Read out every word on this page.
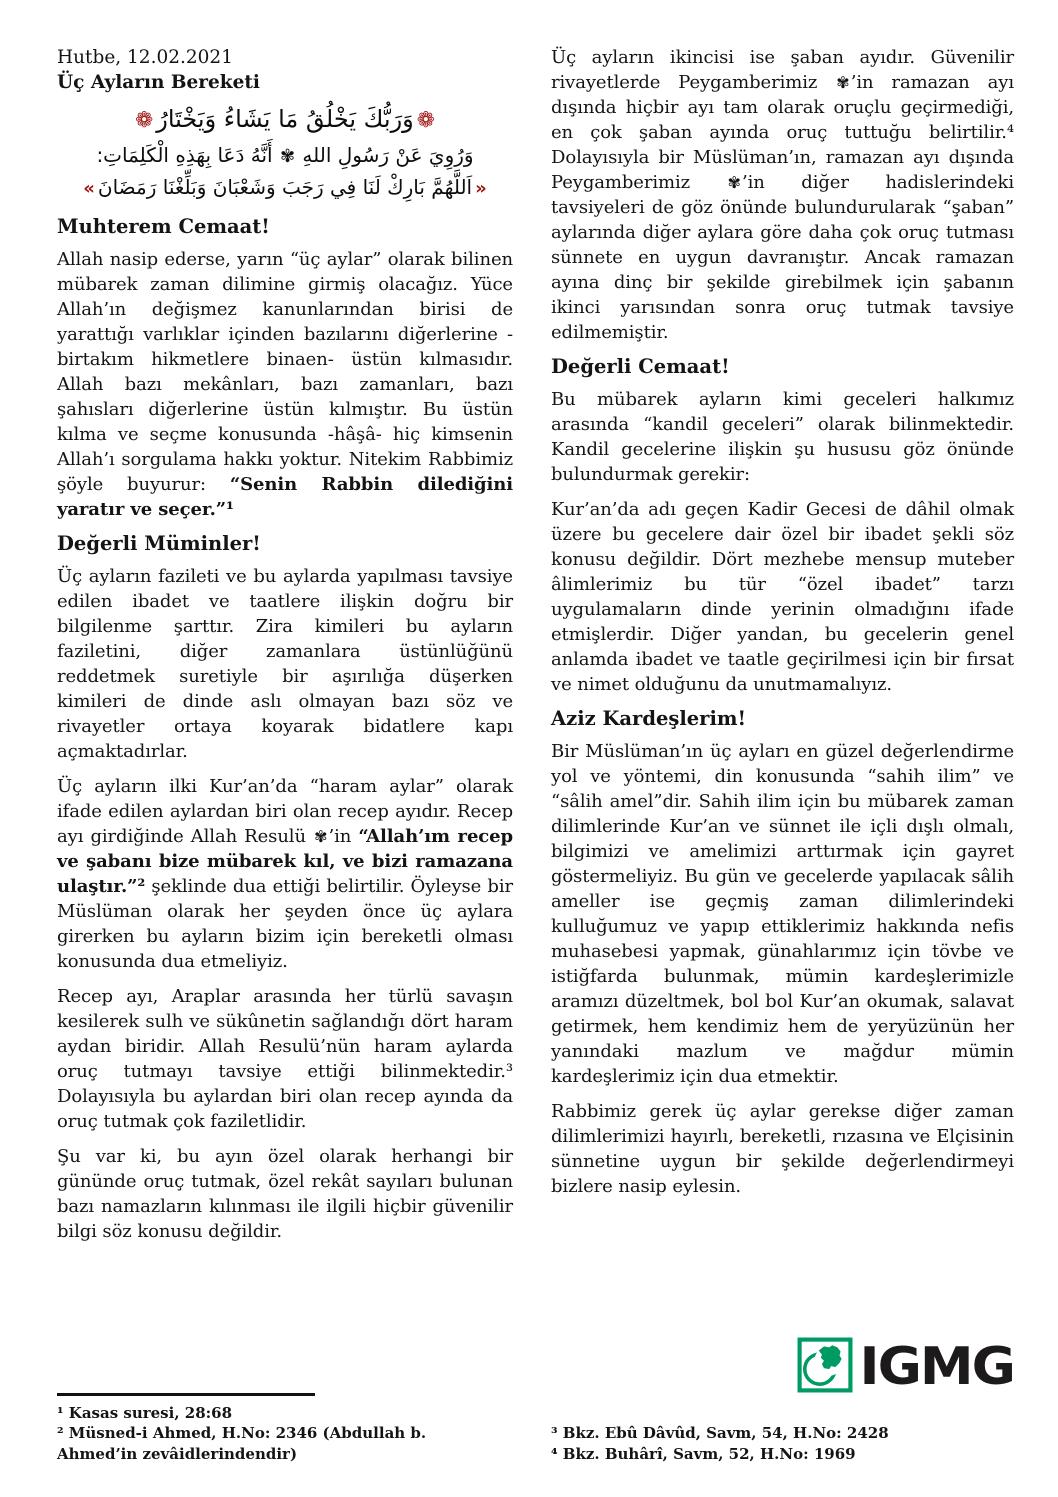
Hutbe, 12.02.2021
Üç Ayların Bereketi
❁وَرَبُّكَ يَخْلُقُ مَا يَشَاءُ وَيَخْتَارُ❁
وَرُوِيَ عَنْ رَسُولِ اللهِ ✾ أَنَّهُ دَعَا بِهَذِهِ الْكَلِمَاتِ:
«اَللَّهُمَّ بَارِكْ لَنَا فِي رَجَبَ وَشَعْبَانَ وَبَلِّغْنَا رَمَضَانَ»
Muhterem Cemaat!

Allah nasip ederse, yarın “üç aylar” olarak bilinen mübarek zaman dilimine girmiş olacağız. Yüce Allah’ın değişmez kanunlarından birisi de yarattığı varlıklar içinden bazılarını diğerlerine -birtakım hikmetlere binaen- üstün kılmasıdır. Allah bazı mekânları, bazı zamanları, bazı şahısları diğerlerine üstün kılmıştır. Bu üstün kılma ve seçme konusunda -hâşâ- hiç kimsenin Allah’ı sorgulama hakkı yoktur. Nitekim Rabbimiz şöyle buyurur: “Senin Rabbin dilediğini yaratır ve seçer.”¹

Değerli Müminler!

Üç ayların fazileti ve bu aylarda yapılması tavsiye edilen ibadet ve taatlere ilişkin doğru bir bilgilenme şarttır. Zira kimileri bu ayların faziletini, diğer zamanlara üstünlüğünü reddetmek suretiyle bir aşırılığa düşerken kimileri de dinde aslı olmayan bazı söz ve rivayetler ortaya koyarak bidatlere kapı açmaktadırlar.

Üç ayların ilki Kur’an’da “haram aylar” olarak ifade edilen aylardan biri olan recep ayıdır. Recep ayı girdiğinde Allah Resulü ✾’in “Allah’ım recep ve şabanı bize mübarek kıl, ve bizi ramazana ulaştır.”² şeklinde dua ettiği belirtilir. Öyleyse bir Müslüman olarak her şeyden önce üç aylara girerken bu ayların bizim için bereketli olması konusunda dua etmeliyiz.

Recep ayı, Araplar arasında her türlü savaşın kesilerek sulh ve sükûnetin sağlandığı dört haram aydan biridir. Allah Resulü’nün haram aylarda oruç tutmayı tavsiye ettiği bilinmektedir.³ Dolayısıyla bu aylardan biri olan recep ayında da oruç tutmak çok faziletlidir.

Şu var ki, bu ayın özel olarak herhangi bir gününde oruç tutmak, özel rekât sayıları bulunan bazı namazların kılınması ile ilgili hiçbir güvenilir bilgi söz konusu değildir.

¹ Kasas suresi, 28:68
² Müsned-i Ahmed, H.No: 2346 (Abdullah b. Ahmed’in zevâidlerindendir)

Üç ayların ikincisi ise şaban ayıdır. Güvenilir rivayetlerde Peygamberimiz ✾’in ramazan ayı dışında hiçbir ayı tam olarak oruçlu geçirmediği, en çok şaban ayında oruç tuttuğu belirtilir.⁴ Dolayısıyla bir Müslüman’ın, ramazan ayı dışında Peygamberimiz ✾’in diğer hadislerindeki tavsiyeleri de göz önünde bulundurularak “şaban” aylarında diğer aylara göre daha çok oruç tutması sünnete en uygun davranıştır. Ancak ramazan ayına dinç bir şekilde girebilmek için şabanın ikinci yarısından sonra oruç tutmak tavsiye edilmemiştir.

Değerli Cemaat!

Bu mübarek ayların kimi geceleri halkımız arasında “kandil geceleri” olarak bilinmektedir. Kandil gecelerine ilişkin şu hususu göz önünde bulundurmak gerekir:

Kur’an’da adı geçen Kadir Gecesi de dâhil olmak üzere bu gecelere dair özel bir ibadet şekli söz konusu değildir. Dört mezhebe mensup muteber âlimlerimiz bu tür “özel ibadet” tarzı uygulamaların dinde yerinin olmadığını ifade etmişlerdir. Diğer yandan, bu gecelerin genel anlamda ibadet ve taatle geçirilmesi için bir fırsat ve nimet olduğunu da unutmamalıyız.

Aziz Kardeşlerim!

Bir Müslüman’ın üç ayları en güzel değerlendirme yol ve yöntemi, din konusunda “sahih ilim” ve “sâlih amel”dir. Sahih ilim için bu mübarek zaman dilimlerinde Kur’an ve sünnet ile içli dışlı olmalı, bilgimizi ve amelimizi arttırmak için gayret göstermeliyiz. Bu gün ve gecelerde yapılacak sâlih ameller ise geçmiş zaman dilimlerindeki kulluğumuz ve yapıp ettiklerimiz hakkında nefis muhasebesi yapmak, günahlarımız için tövbe ve istiğfarda bulunmak, mümin kardeşlerimizle aramızı düzeltmek, bol bol Kur’an okumak, salavat getirmek, hem kendimiz hem de yeryüzünün her yanındaki mazlum ve mağdur mümin kardeşlerimiz için dua etmektir.

Rabbimiz gerek üç aylar gerekse diğer zaman dilimlerimizi hayırlı, bereketli, rızasına ve Elçisinin sünnetine uygun bir şekilde değerlendirmeyi bizlere nasip eylesin.

IGMG
³ Bkz. Ebû Dâvûd, Savm, 54, H.No: 2428
⁴ Bkz. Buhârî, Savm, 52, H.No: 1969
